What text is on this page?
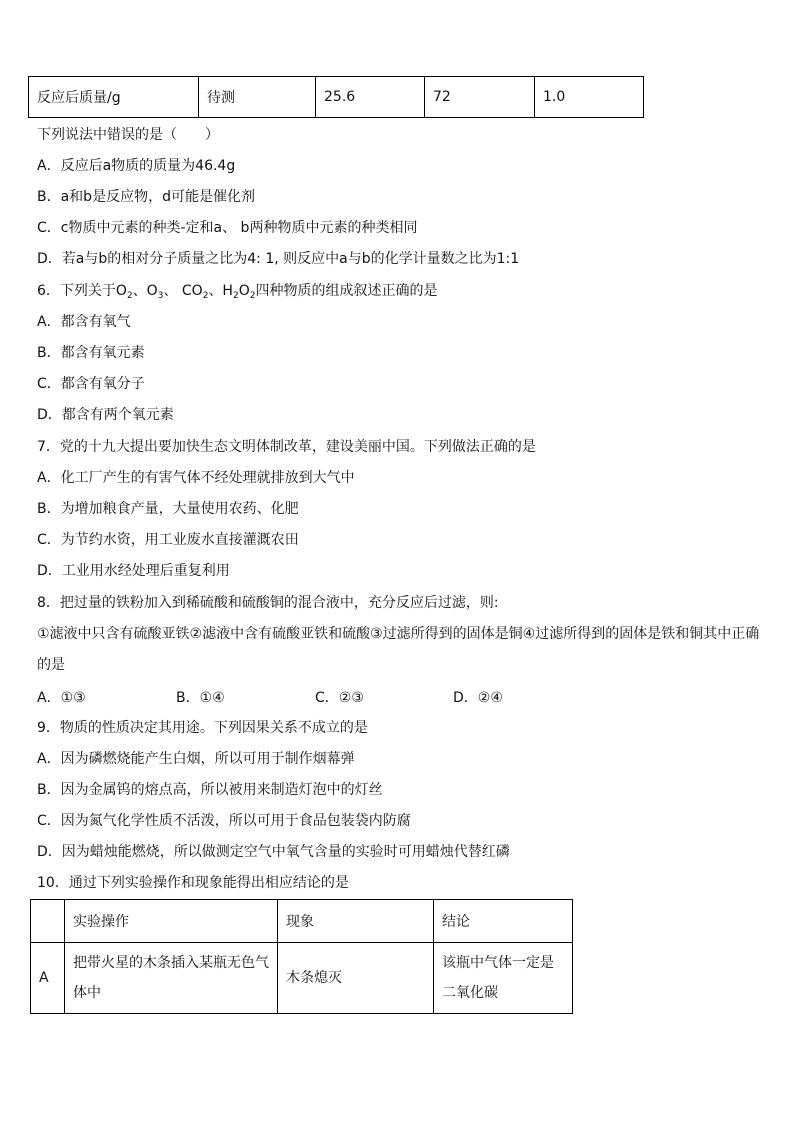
反应后质量/g	待测	25.6	72	1.0
下列说法中错误的是（　　）
A．反应后a物质的质量为46.4g
B．a和b是反应物，d可能是催化剂
C．c物质中元素的种类-定和a、 b两种物质中元素的种类相同
D．若a与b的相对分子质量之比为4: 1, 则反应中a与b的化学计量数之比为1:1
6．下列关于$O_2$、$O_3$、 $CO_2$、$H_2O_2$四种物质的组成叙述正确的是
A．都含有氧气
B．都含有氧元素
C．都含有氧分子
D．都含有两个氧元素
7．党的十九大提出要加快生态文明体制改革，建设美丽中国。下列做法正确的是
A．化工厂产生的有害气体不经处理就排放到大气中
B．为增加粮食产量，大量使用农药、化肥
C．为节约水资，用工业废水直接灌溉农田
D．工业用水经处理后重复利用
8．把过量的铁粉加入到稀硫酸和硫酸铜的混合液中，充分反应后过滤，则:
①滤液中只含有硫酸亚铁②滤液中含有硫酸亚铁和硫酸③过滤所得到的固体是铜④过滤所得到的固体是铁和铜其中正确的是
A．①③	B．①④	C．②③	D．②④
9．物质的性质决定其用途。下列因果关系不成立的是
A．因为磷燃烧能产生白烟，所以可用于制作烟幕弹
B．因为金属钨的熔点高，所以被用来制造灯泡中的灯丝
C．因为氮气化学性质不活泼，所以可用于食品包装袋内防腐
D．因为蜡烛能燃烧，所以做测定空气中氧气含量的实验时可用蜡烛代替红磷
10．通过下列实验操作和现象能得出相应结论的是
	实验操作	现象	结论
A	把带火星的木条插入某瓶无色气体中	木条熄灭	该瓶中气体一定是二氧化碳
